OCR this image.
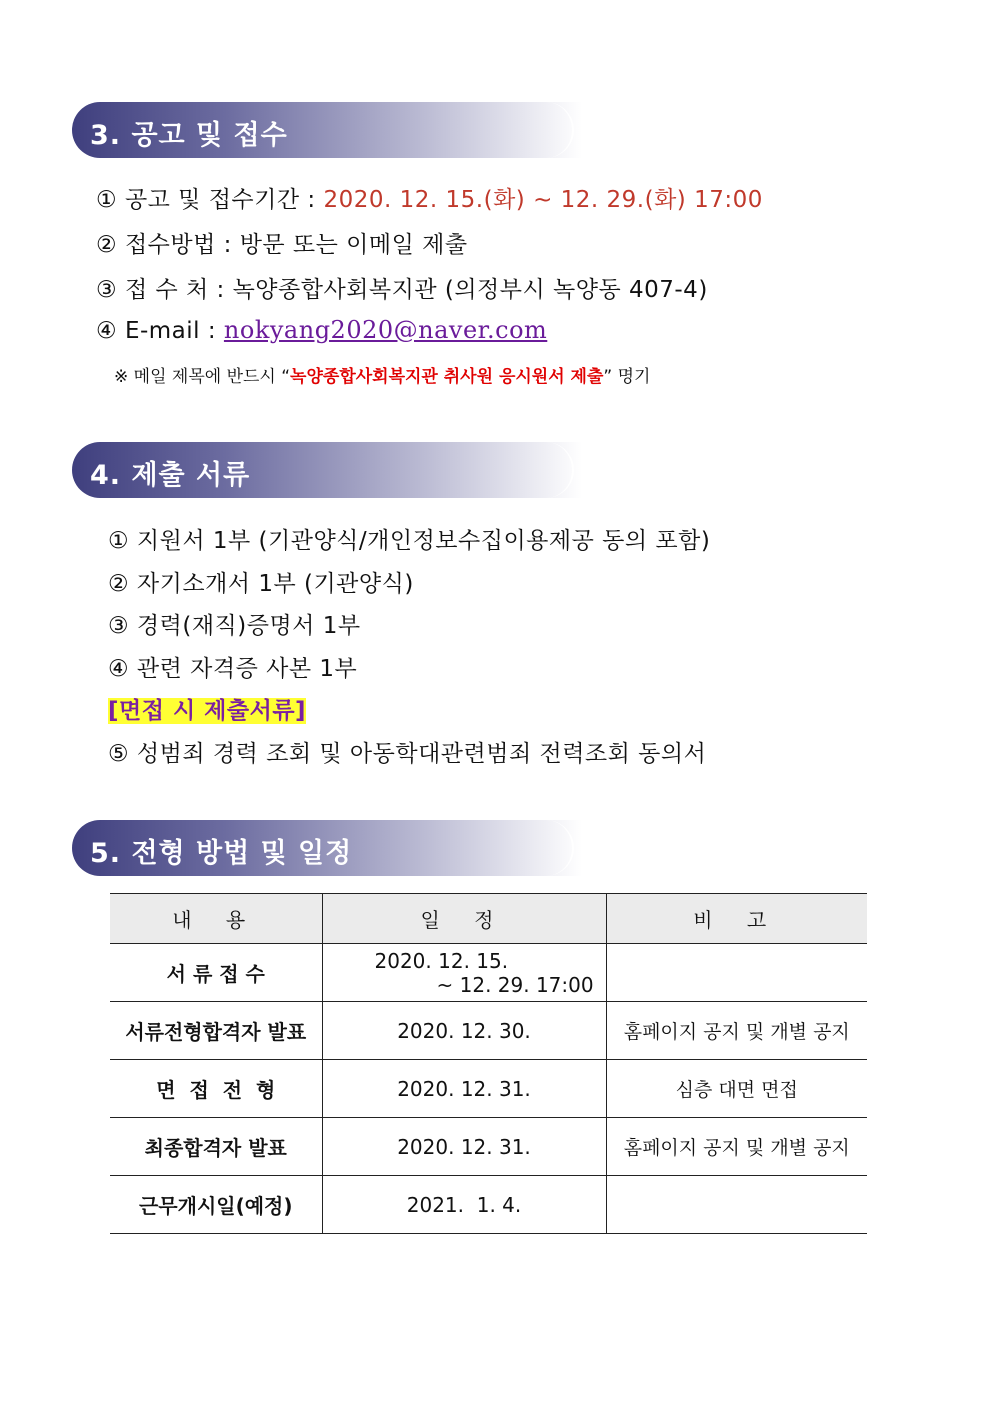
3. 공고 및 접수
① 공고 및 접수기간 : 2020. 12. 15.(화) ~ 12. 29.(화) 17:00
② 접수방법 : 방문 또는 이메일 제출
③ 접 수 처 : 녹양종합사회복지관 (의정부시 녹양동 407-4)
④ E-mail : nokyang2020@naver.com
※ 메일 제목에 반드시 “녹양종합사회복지관 취사원 응시원서 제출” 명기
4. 제출 서류
① 지원서 1부 (기관양식/개인정보수집이용제공 동의 포함)
② 자기소개서 1부 (기관양식)
③ 경력(재직)증명서 1부
④ 관련 자격증 사본 1부
[면접 시 제출서류]
⑤ 성범죄 경력 조회 및 아동학대관련범죄 전력조회 동의서
5. 전형 방법 및 일정
내 용	일 정	비 고
서 류 접 수	2020. 12. 15.
~ 12. 29. 17:00	

서류전형합격자 발표	2020. 12. 30.	홈페이지 공지 및 개별 공지
면  접  전  형	2020. 12. 31.	심층 대면 면접
최종합격자 발표	2020. 12. 31.	홈페이지 공지 및 개별 공지
근무개시일(예정)	2021.  1. 4.	
